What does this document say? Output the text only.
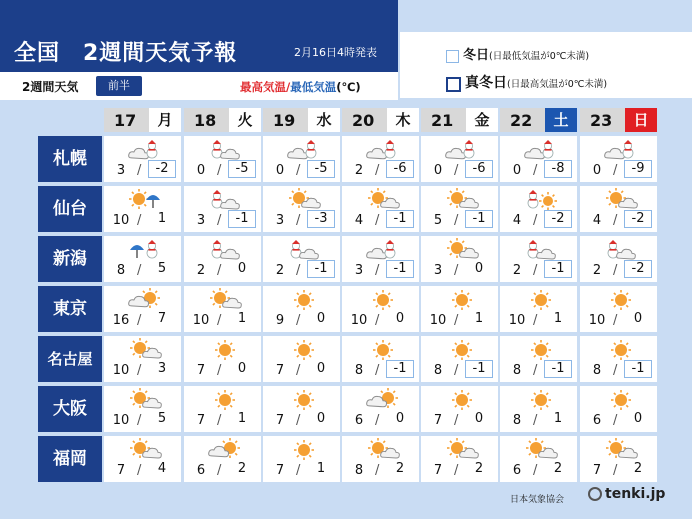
全国　2週間天気予報	2月16日4時発表
2週間天気	前半	最高気温/最低気温(℃)
冬日(日最低気温が0℃未満)
真冬日(日最高気温が0℃未満)
17	月	18	火	19	水	20	木	21	金	22	土	23	日
札幌
3 /	-2	0 /	-5	0 /	-5	2 /	-6	0 /	-6	0 /	-8	0 /	-9
仙台
10 /	1	3 /	-1	3 /	-3	4 /	-1	5 /	-1	4 /	-2	4 /	-2
新潟
8 /	5	2 /	0	2 /	-1	3 /	-1	3 /	0	2 /	-1	2 /	-2
東京
16 /	7	10 /	1	9 /	0	10 /	0	10 /	1	10 /	1	10 /	0
名古屋
10 /	3	7 /	0	7 /	0	8 /	-1	8 /	-1	8 /	-1	8 /	-1
大阪
10 /	5	7 /	1	7 /	0	6 /	0	7 /	0	8 /	1	6 /	0
福岡
7 /	4	6 /	2	7 /	1	8 /	2	7 /	2	6 /	2	7 /	2
日本気象協会	tenki.jp
